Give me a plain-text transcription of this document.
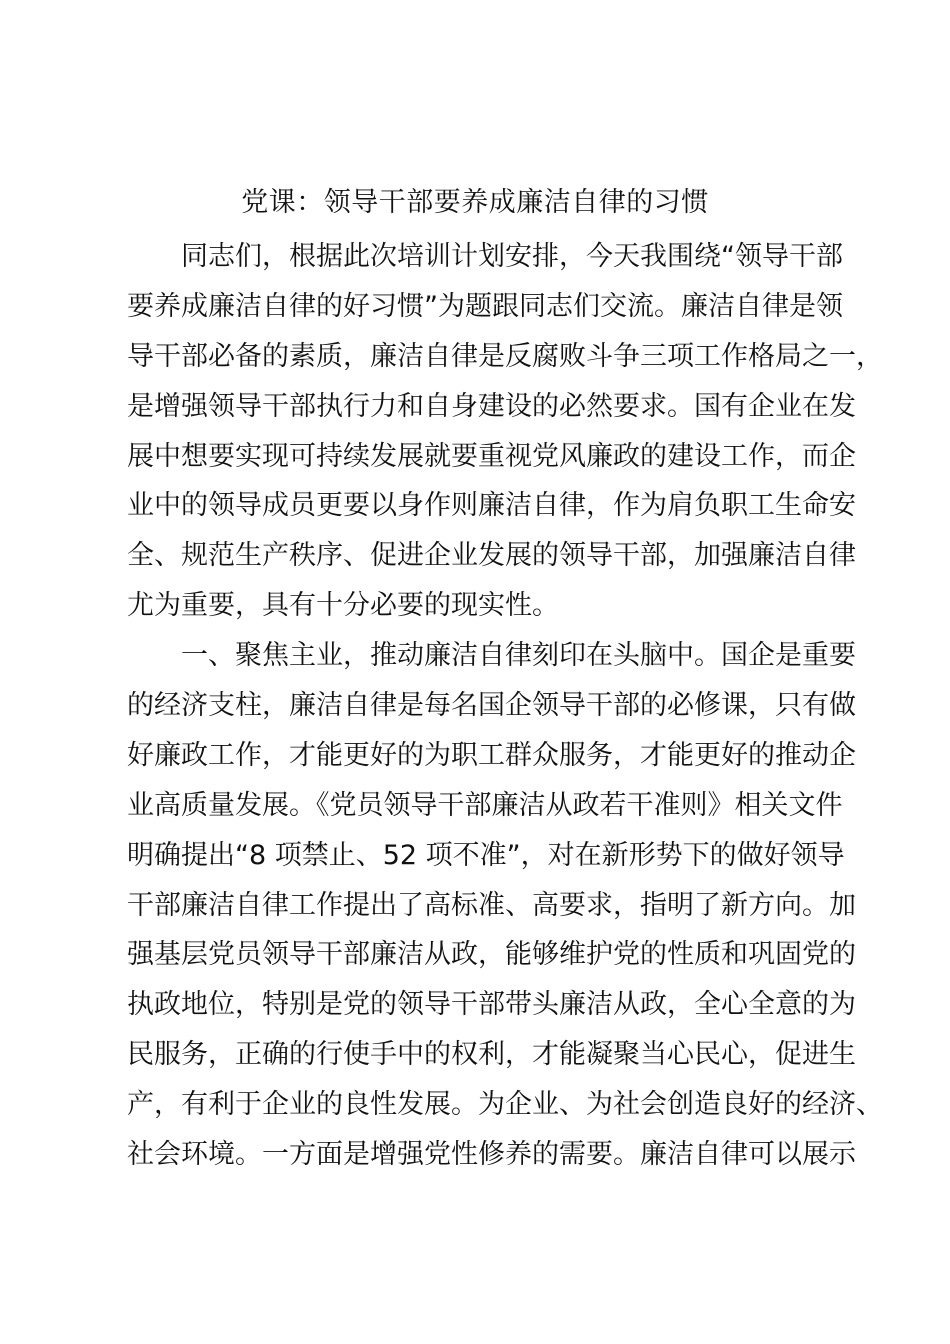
党课：领导干部要养成廉洁自律的习惯
同志们，根据此次培训计划安排，今天我围绕“领导干部
要养成廉洁自律的好习惯”为题跟同志们交流。廉洁自律是领
导干部必备的素质，廉洁自律是反腐败斗争三项工作格局之一，
是增强领导干部执行力和自身建设的必然要求。国有企业在发
展中想要实现可持续发展就要重视党风廉政的建设工作，而企
业中的领导成员更要以身作则廉洁自律，作为肩负职工生命安
全、规范生产秩序、促进企业发展的领导干部，加强廉洁自律
尤为重要，具有十分必要的现实性。
一、聚焦主业，推动廉洁自律刻印在头脑中。国企是重要
的经济支柱，廉洁自律是每名国企领导干部的必修课，只有做
好廉政工作，才能更好的为职工群众服务，才能更好的推动企
业高质量发展。《党员领导干部廉洁从政若干准则》相关文件
明确提出“8 项禁止、52 项不准”，对在新形势下的做好领导
干部廉洁自律工作提出了高标准、高要求，指明了新方向。加
强基层党员领导干部廉洁从政，能够维护党的性质和巩固党的
执政地位，特别是党的领导干部带头廉洁从政，全心全意的为
民服务，正确的行使手中的权利，才能凝聚当心民心，促进生
产，有利于企业的良性发展。为企业、为社会创造良好的经济、
社会环境。一方面是增强党性修养的需要。廉洁自律可以展示
